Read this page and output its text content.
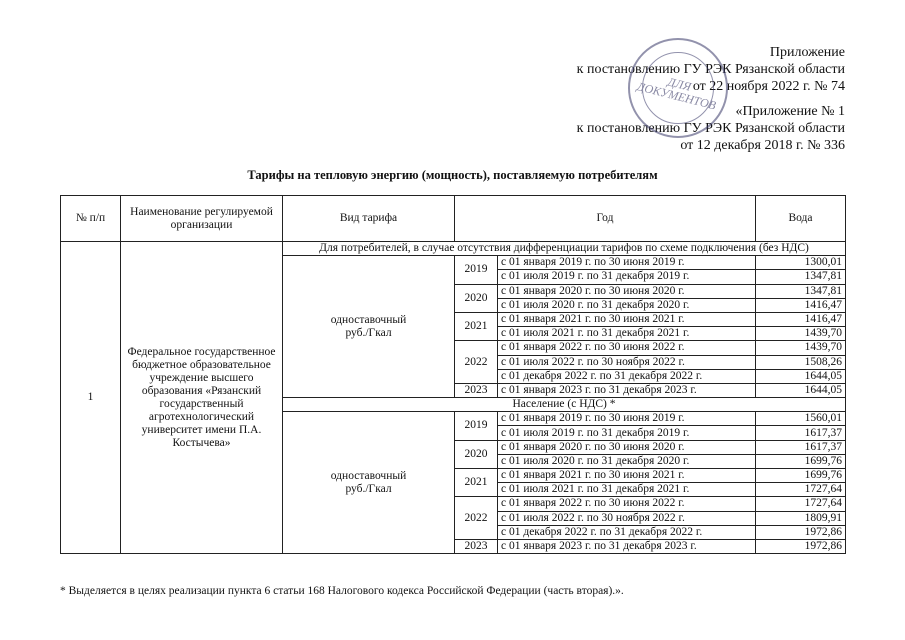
Приложение
к постановлению ГУ РЭК Рязанской области
от 22 ноября 2022 г. № 74
«Приложение № 1
к постановлению ГУ РЭК Рязанской области
от 12 декабря 2018 г. № 336
ДЛЯ ДОКУМЕНТОВ
Тарифы на тепловую энергию (мощность), поставляемую потребителям
№ п/п	Наименование регулируемой организации	Вид тарифа	Год		Вода
1	Федеральное государственное бюджетное образовательное учреждение высшего образования «Рязанский государственный агротехнологический университет имени П.А. Костычева»	Для потребителей, в случае отсутствия дифференциации тарифов по схеме подключения (без НДС)			
		одноставочный руб./Гкал	2019	с 01 января 2019 г. по 30 июня 2019 г.	1300,01
				с 01 июля 2019 г. по 31 декабря 2019 г.	1347,81
			2020	с 01 января 2020 г. по 30 июня 2020 г.	1347,81
				с 01 июля 2020 г. по 31 декабря 2020 г.	1416,47
			2021	с 01 января 2021 г. по 30 июня 2021 г.	1416,47
				с 01 июля 2021 г. по 31 декабря 2021 г.	1439,70
			2022	с 01 января 2022 г. по 30 июня 2022 г.	1439,70
				с 01 июля 2022 г. по 30 ноября 2022 г.	1508,26
				с 01 декабря 2022 г. по 31 декабря 2022 г.	1644,05
			2023	с 01 января 2023 г. по 31 декабря 2023 г.	1644,05
		Население (с НДС) *			
		одноставочный руб./Гкал	2019	с 01 января 2019 г. по 30 июня 2019 г.	1560,01
				с 01 июля 2019 г. по 31 декабря 2019 г.	1617,37
			2020	с 01 января 2020 г. по 30 июня 2020 г.	1617,37
				с 01 июля 2020 г. по 31 декабря 2020 г.	1699,76
			2021	с 01 января 2021 г. по 30 июня 2021 г.	1699,76
				с 01 июля 2021 г. по 31 декабря 2021 г.	1727,64
			2022	с 01 января 2022 г. по 30 июня 2022 г.	1727,64
				с 01 июля 2022 г. по 30 ноября 2022 г.	1809,91
				с 01 декабря 2022 г. по 31 декабря 2022 г.	1972,86
			2023	с 01 января 2023 г. по 31 декабря 2023 г.	1972,86
* Выделяется в целях реализации пункта 6 статьи 168 Налогового кодекса Российской Федерации (часть вторая).».
